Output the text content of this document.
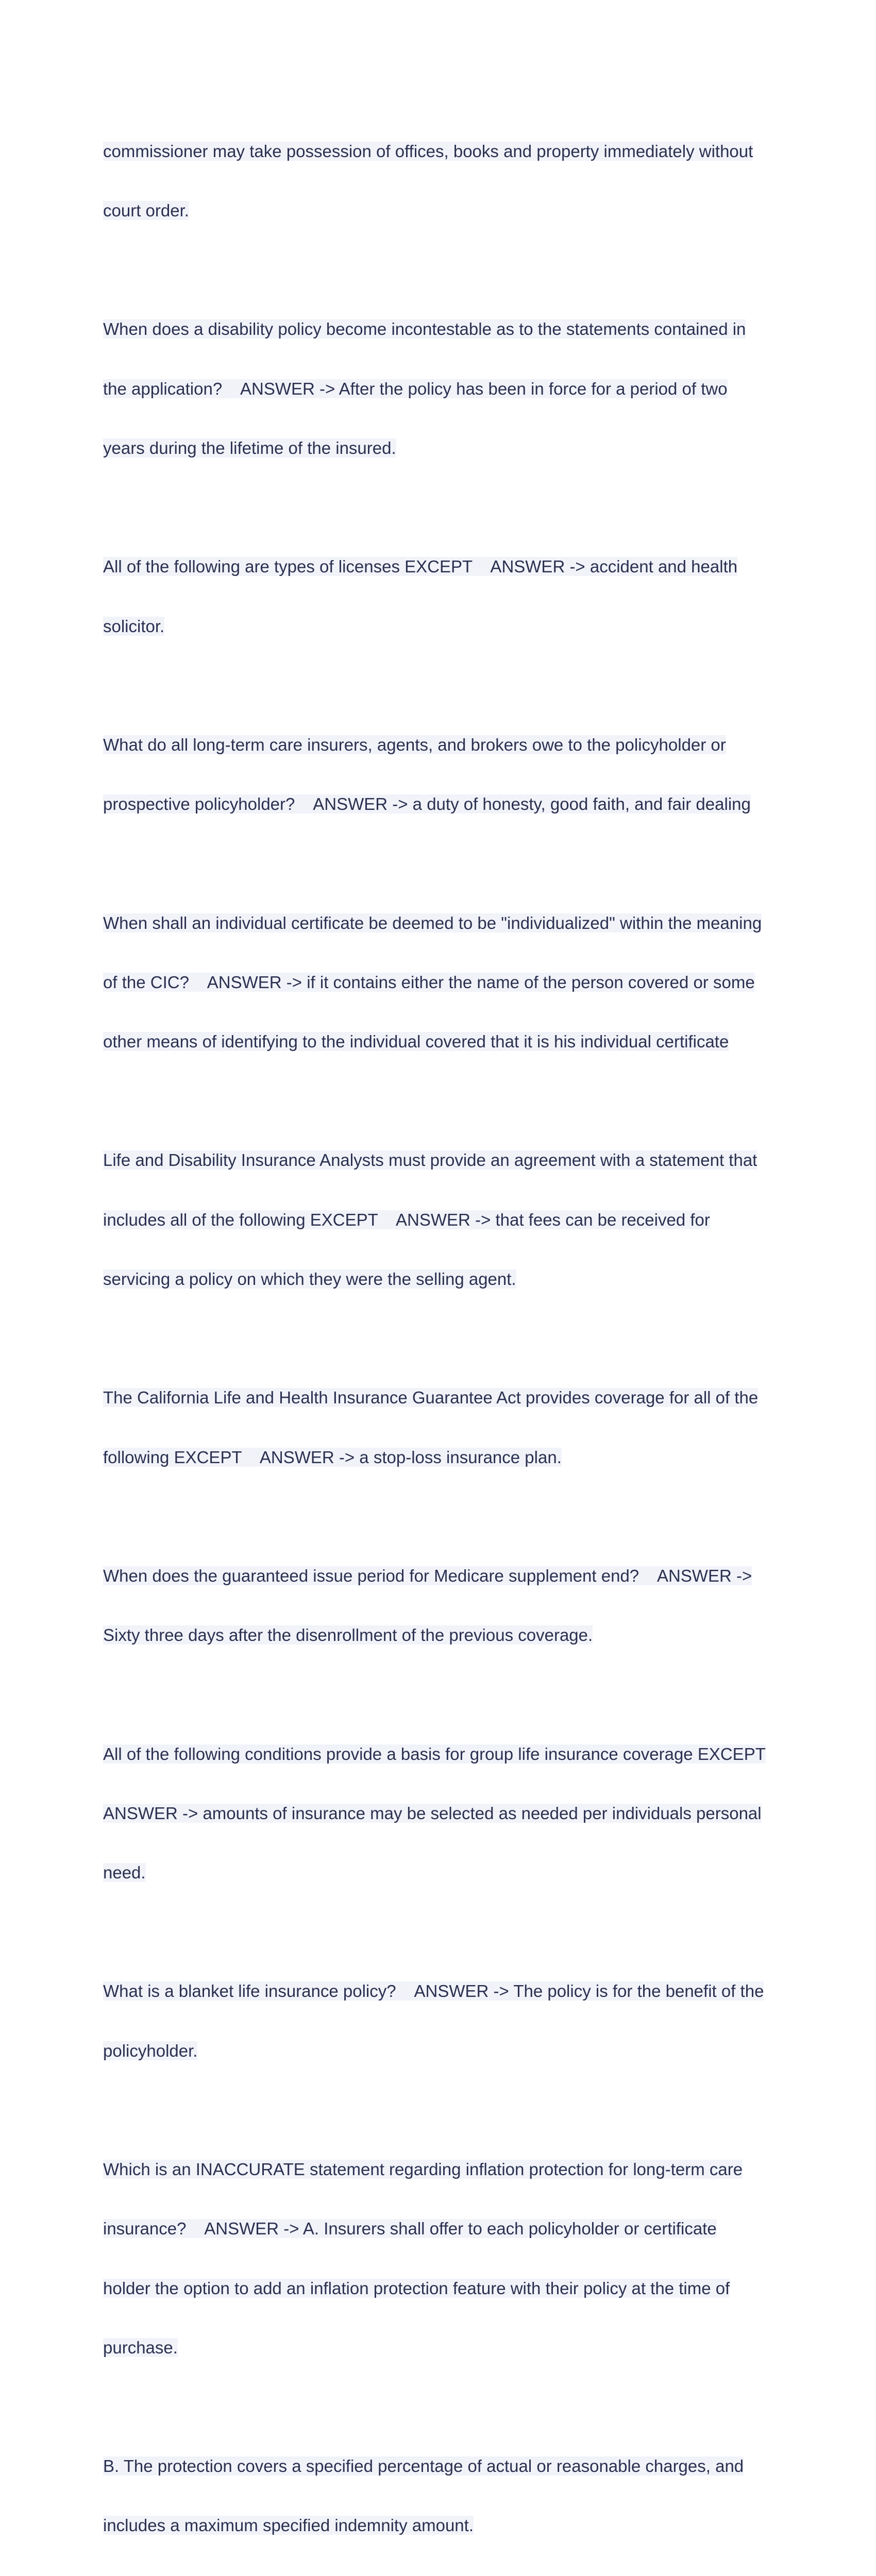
commissioner may take possession of offices, books and property immediately without

court order.

When does a disability policy become incontestable as to the statements contained in

the application?    ANSWER -> After the policy has been in force for a period of two

years during the lifetime of the insured.

All of the following are types of licenses EXCEPT    ANSWER -> accident and health

solicitor.

What do all long-term care insurers, agents, and brokers owe to the policyholder or

prospective policyholder?    ANSWER -> a duty of honesty, good faith, and fair dealing

When shall an individual certificate be deemed to be "individualized" within the meaning

of the CIC?    ANSWER -> if it contains either the name of the person covered or some

other means of identifying to the individual covered that it is his individual certificate

Life and Disability Insurance Analysts must provide an agreement with a statement that

includes all of the following EXCEPT    ANSWER -> that fees can be received for

servicing a policy on which they were the selling agent.

The California Life and Health Insurance Guarantee Act provides coverage for all of the

following EXCEPT    ANSWER -> a stop-loss insurance plan.

When does the guaranteed issue period for Medicare supplement end?    ANSWER ->

Sixty three days after the disenrollment of the previous coverage.

All of the following conditions provide a basis for group life insurance coverage EXCEPT

ANSWER -> amounts of insurance may be selected as needed per individuals personal

need.

What is a blanket life insurance policy?    ANSWER -> The policy is for the benefit of the

policyholder.

Which is an INACCURATE statement regarding inflation protection for long-term care

insurance?    ANSWER -> A. Insurers shall offer to each policyholder or certificate

holder the option to add an inflation protection feature with their policy at the time of

purchase.

B. The protection covers a specified percentage of actual or reasonable charges, and

includes a maximum specified indemnity amount.
